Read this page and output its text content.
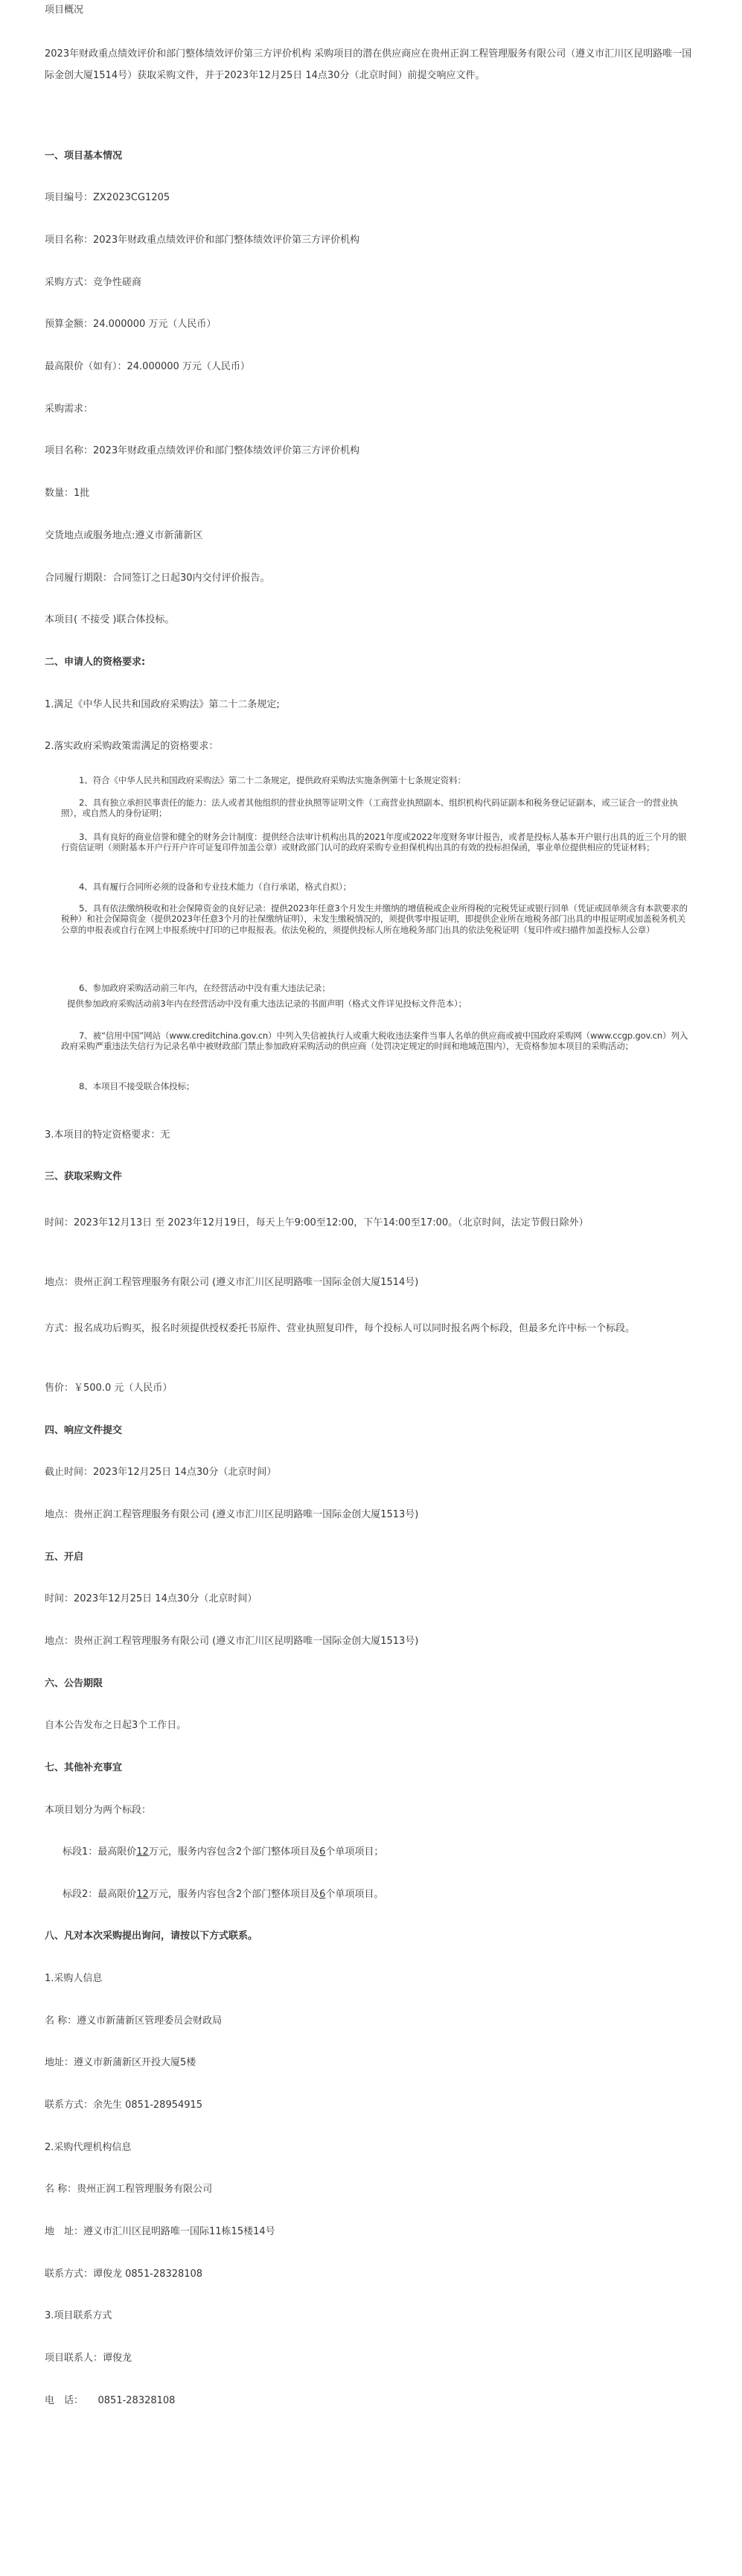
项目概况

2023年财政重点绩效评价和部门整体绩效评价第三方评价机构 采购项目的潜在供应商应在贵州正润工程管理服务有限公司（遵义市汇川区昆明路唯一国际金创大厦1514号）获取采购文件，并于2023年12月25日 14点30分（北京时间）前提交响应文件。

一、项目基本情况

项目编号：ZX2023CG1205

项目名称：2023年财政重点绩效评价和部门整体绩效评价第三方评价机构

采购方式：竞争性磋商

预算金额：24.000000 万元（人民币）

最高限价（如有）：24.000000 万元（人民币）

采购需求：

项目名称：2023年财政重点绩效评价和部门整体绩效评价第三方评价机构

数量：1批

交货地点或服务地点:遵义市新蒲新区

合同履行期限：合同签订之日起30内交付评价报告。

本项目( 不接受 )联合体投标。

二、申请人的资格要求:

1.满足《中华人民共和国政府采购法》第二十二条规定;

2.落实政府采购政策需满足的资格要求：

1、符合《中华人民共和国政府采购法》第二十二条规定，提供政府采购法实施条例第十七条规定资料：

2、具有独立承担民事责任的能力：法人或者其他组织的营业执照等证明文件（工商营业执照副本、组织机构代码证副本和税务登记证副本，或三证合一的营业执照），或自然人的身份证明；

3、具有良好的商业信誉和健全的财务会计制度：提供经合法审计机构出具的2021年度或2022年度财务审计报告，或者是投标人基本开户银行出具的近三个月的银行资信证明（须附基本开户行开户许可证复印件加盖公章）或财政部门认可的政府采购专业担保机构出具的有效的投标担保函，事业单位提供相应的凭证材料；

4、具有履行合同所必须的设备和专业技术能力（自行承诺，格式自拟）；

5、具有依法缴纳税收和社会保障资金的良好记录：提供2023年任意3个月发生并缴纳的增值税或企业所得税的完税凭证或银行回单（凭证或回单须含有本款要求的税种）和社会保障资金（提供2023年任意3个月的社保缴纳证明），未发生缴税情况的，须提供零申报证明，即提供企业所在地税务部门出具的申报证明或加盖税务机关公章的申报表或自行在网上申报系统中打印的已申报报表。依法免税的，须提供投标人所在地税务部门出具的依法免税证明（复印件或扫描件加盖投标人公章）

6、参加政府采购活动前三年内，在经营活动中没有重大违法记录；

提供参加政府采购活动前3年内在经营活动中没有重大违法记录的书面声明（格式文件详见投标文件范本）；

7、被“信用中国”网站（www.creditchina.gov.cn）中列入失信被执行人或重大税收违法案件当事人名单的供应商或被中国政府采购网（www.ccgp.gov.cn）列入政府采购严重违法失信行为记录名单中被财政部门禁止参加政府采购活动的供应商（处罚决定规定的时间和地域范围内），无资格参加本项目的采购活动；

8、本项目不接受联合体投标；

3.本项目的特定资格要求：无

三、获取采购文件

时间：2023年12月13日 至 2023年12月19日，每天上午9:00至12:00，下午14:00至17:00。（北京时间，法定节假日除外）

地点：贵州正润工程管理服务有限公司 (遵义市汇川区昆明路唯一国际金创大厦1514号)

方式：报名成功后购买，报名时须提供授权委托书原件、营业执照复印件，每个投标人可以同时报名两个标段，但最多允许中标一个标段。

售价：￥500.0 元（人民币）

四、响应文件提交

截止时间：2023年12月25日 14点30分（北京时间）

地点：贵州正润工程管理服务有限公司 (遵义市汇川区昆明路唯一国际金创大厦1513号)

五、开启

时间：2023年12月25日 14点30分（北京时间）

地点：贵州正润工程管理服务有限公司 (遵义市汇川区昆明路唯一国际金创大厦1513号)

六、公告期限

自本公告发布之日起3个工作日。

七、其他补充事宜

本项目划分为两个标段：

标段1：最高限价12万元，服务内容包含2个部门整体项目及6个单项项目；

标段2：最高限价12万元，服务内容包含2个部门整体项目及6个单项项目。

八、凡对本次采购提出询问，请按以下方式联系。

1.采购人信息

名 称：遵义市新蒲新区管理委员会财政局

地址：遵义市新蒲新区开投大厦5楼

联系方式：余先生 0851-28954915

2.采购代理机构信息

名 称：贵州正润工程管理服务有限公司

地　址：遵义市汇川区昆明路唯一国际11栋15楼14号

联系方式：谭俊龙 0851-28328108

3.项目联系方式

项目联系人：谭俊龙

电　话：　　0851-28328108
